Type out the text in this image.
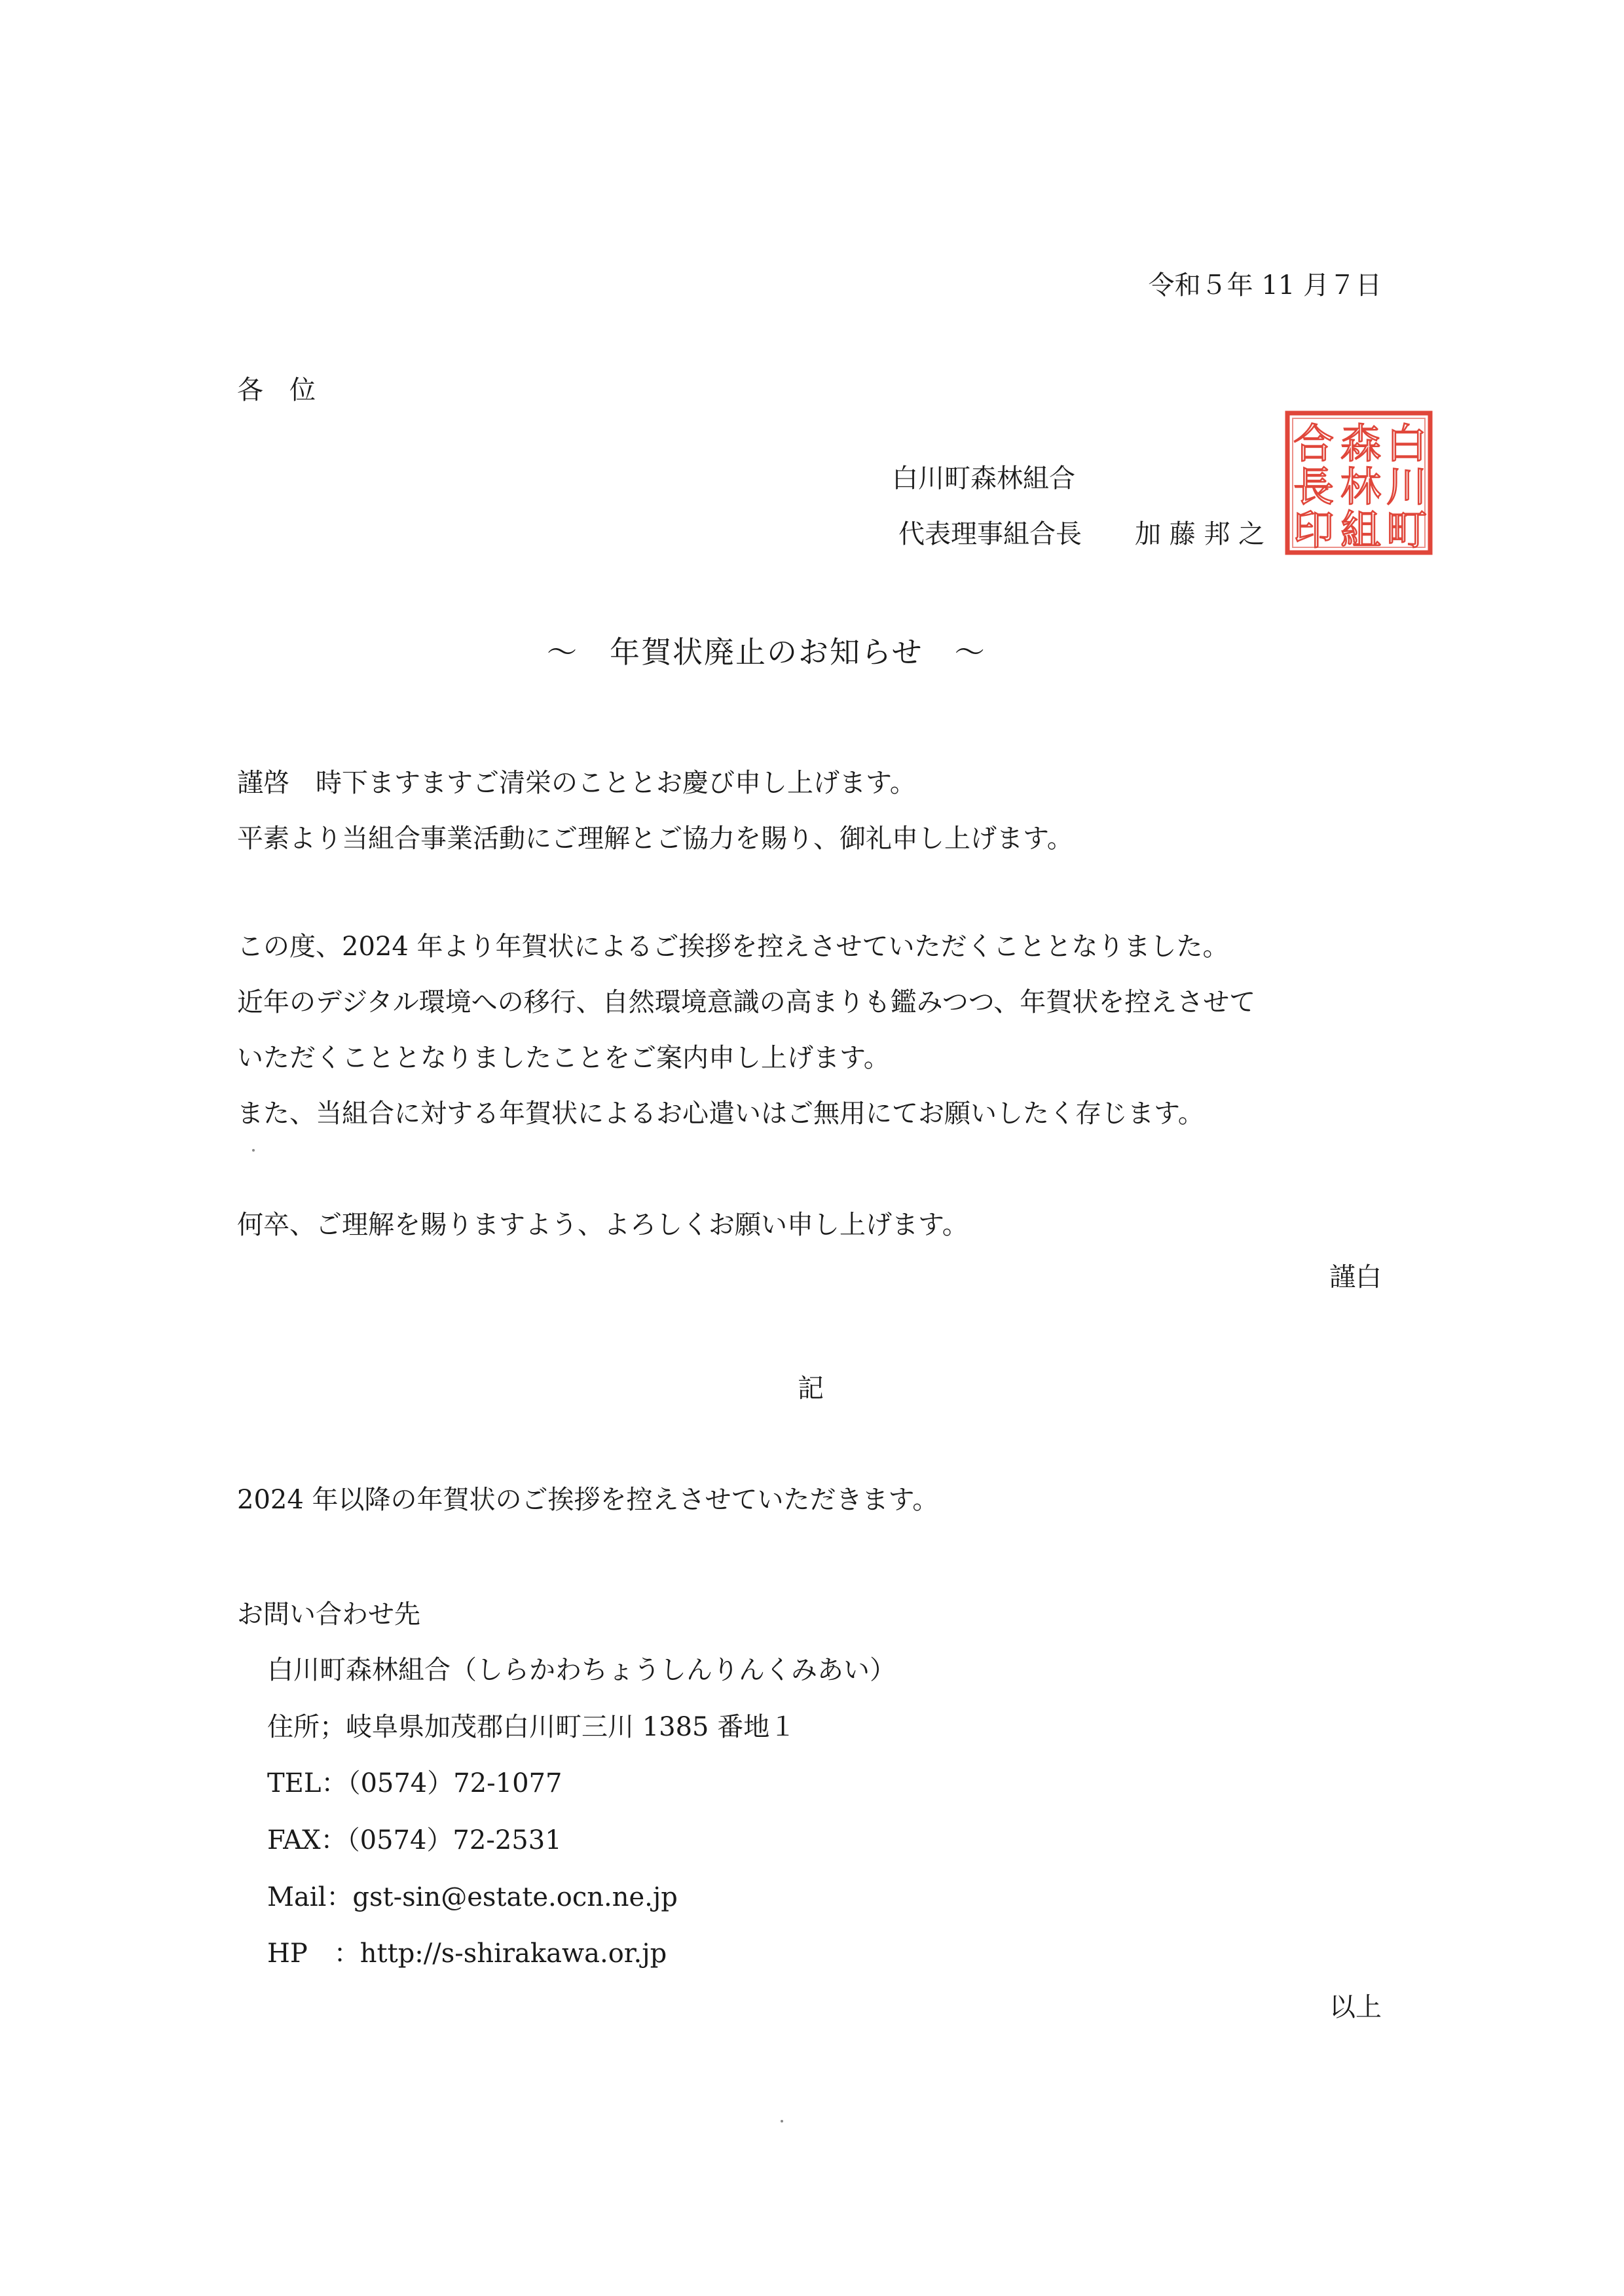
令和５年 11 月７日
各　位
白川町森林組合
代表理事組合長 加 藤 邦 之
白
川
町
森
林
組
合
長
印
～　年賀状廃止のお知らせ　～
謹啓　時下ますますご清栄のこととお慶び申し上げます。
平素より当組合事業活動にご理解とご協力を賜り、御礼申し上げます。
この度、2024 年より年賀状によるご挨拶を控えさせていただくこととなりました。
近年のデジタル環境への移行、自然環境意識の高まりも鑑みつつ、年賀状を控えさせて
いただくこととなりましたことをご案内申し上げます。
また、当組合に対する年賀状によるお心遣いはご無用にてお願いしたく存じます。
何卒、ご理解を賜りますよう、よろしくお願い申し上げます。
謹白
記
2024 年以降の年賀状のご挨拶を控えさせていただきます。
お問い合わせ先
白川町森林組合（しらかわちょうしんりんくみあい）
住所；岐阜県加茂郡白川町三川 1385 番地１
TEL：（0574）72-1077
FAX：（0574）72-2531
Mail：gst-sin@estate.ocn.ne.jp
HP　：http://s-shirakawa.or.jp
以上
